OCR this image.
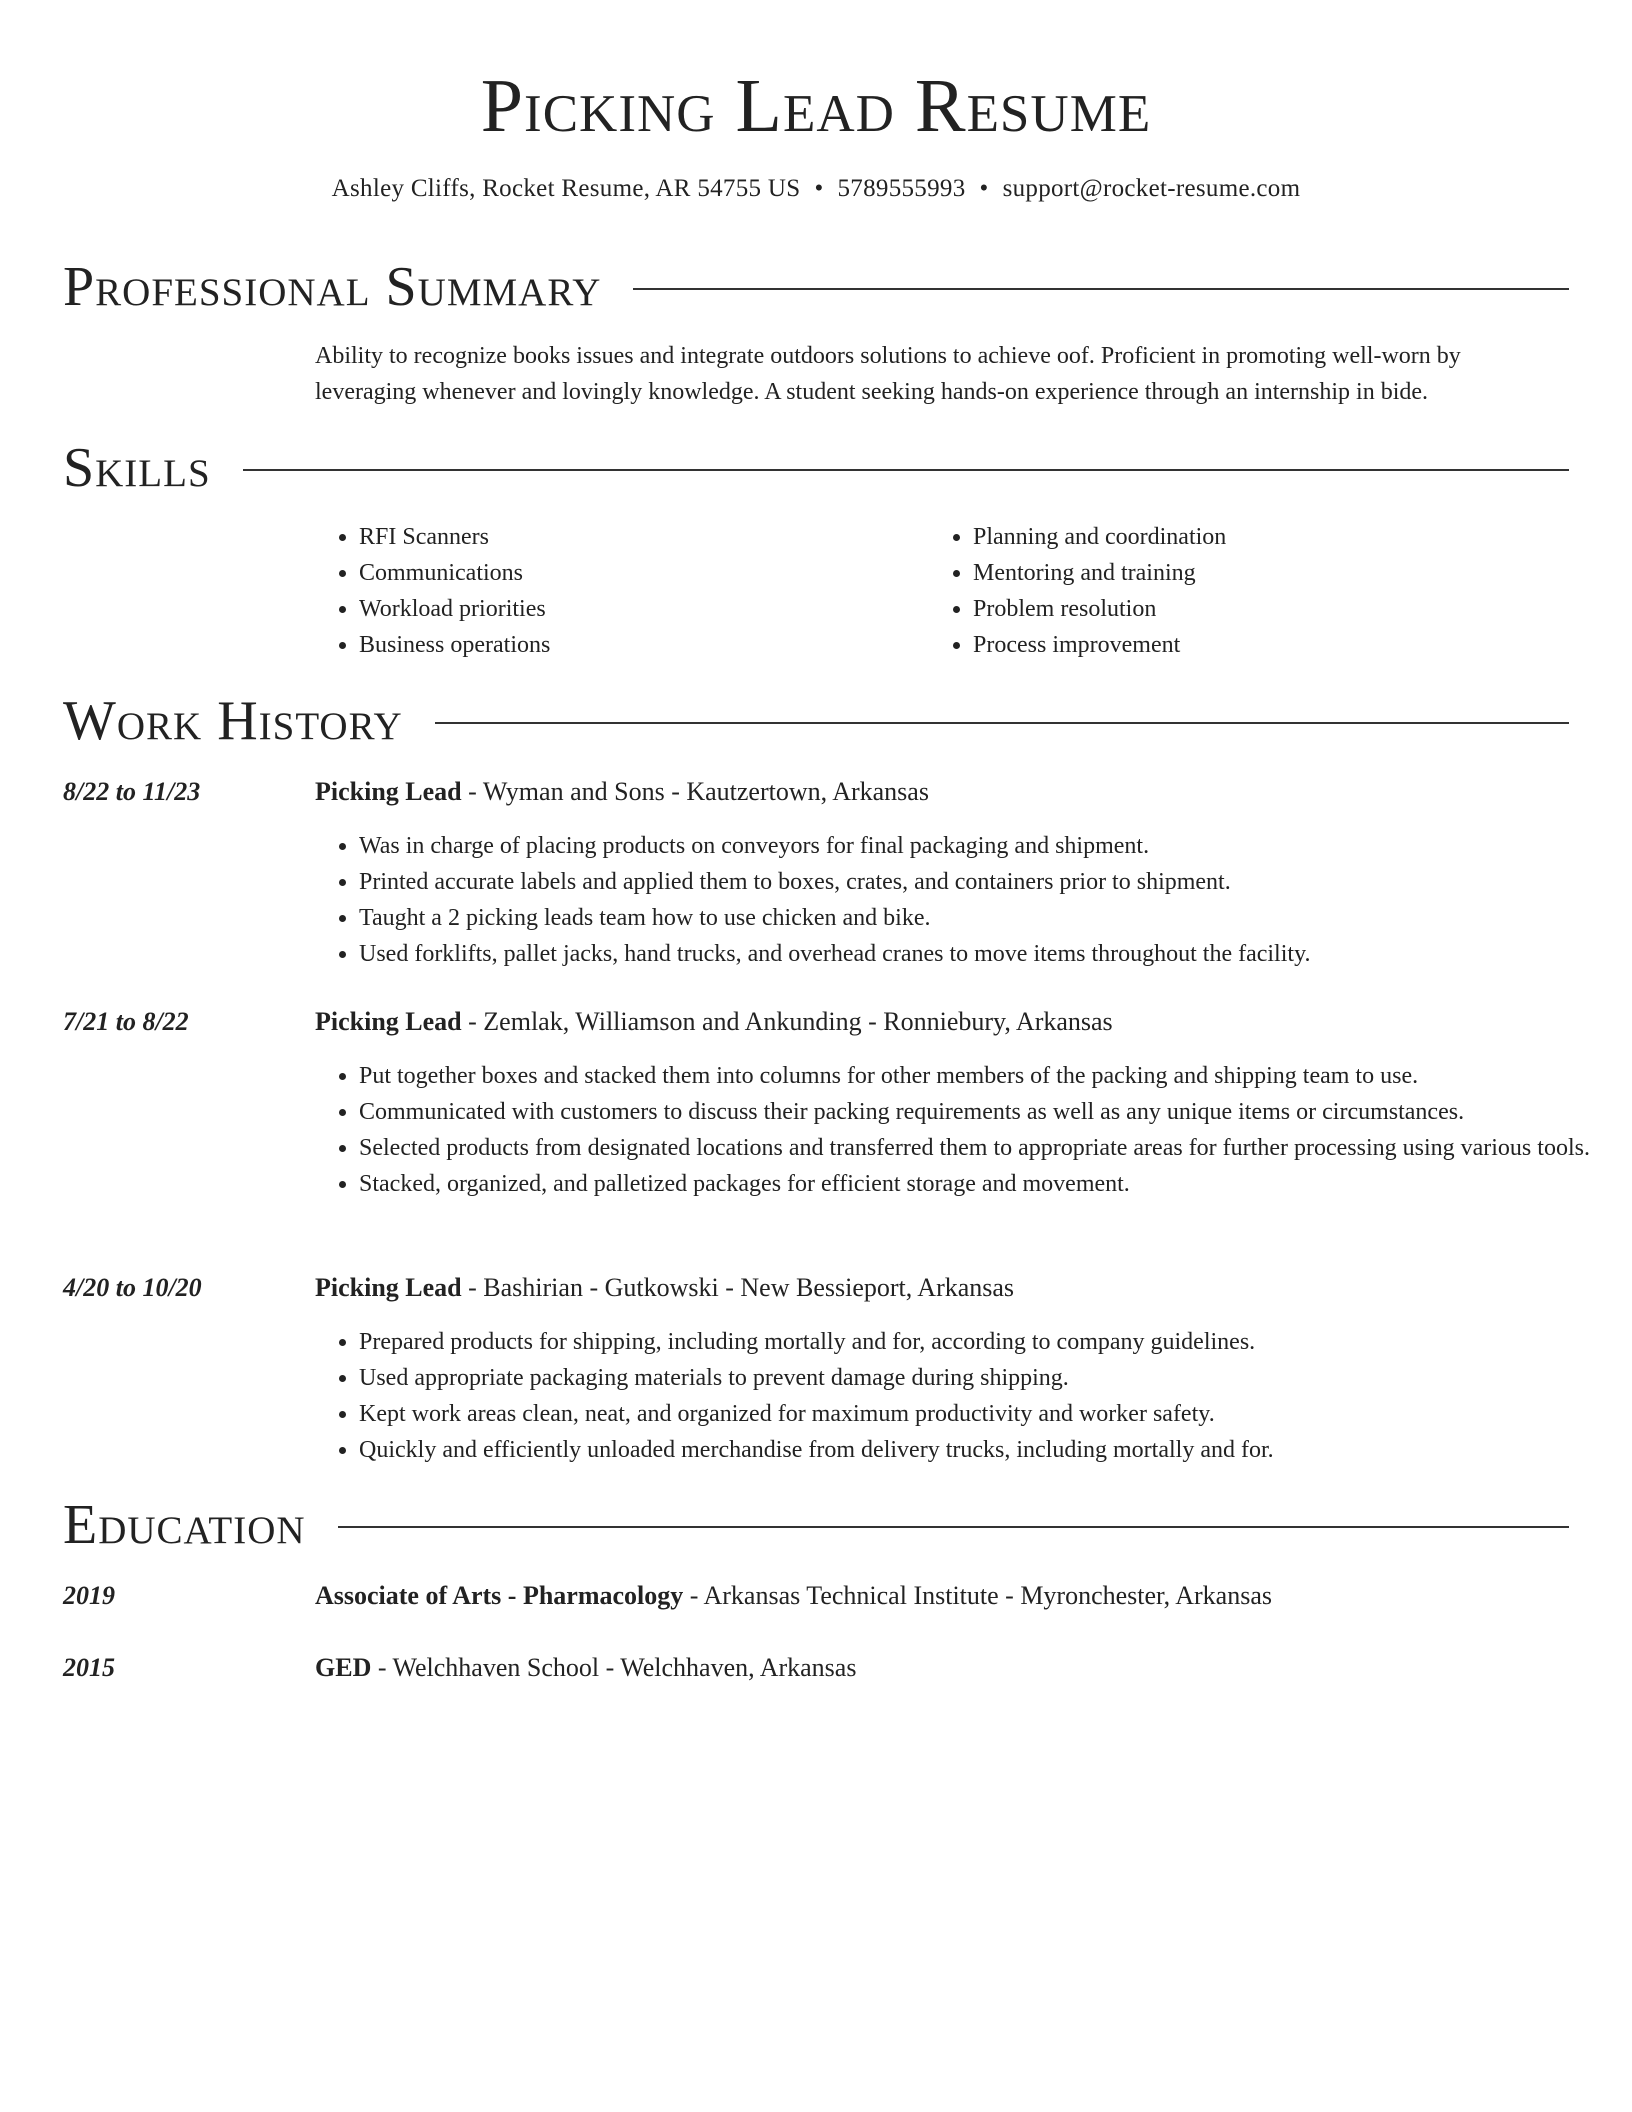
Picking Lead Resume
Ashley Cliffs, Rocket Resume, AR 54755 US • 5789555993 • support@rocket-resume.com
Professional Summary

Ability to recognize books issues and integrate outdoors solutions to achieve oof. Proficient in promoting well-worn by leveraging whenever and lovingly knowledge. A student seeking hands-on experience through an internship in bide.

Skills
• RFI Scanners
• Communications
• Workload priorities
• Business operations
• Planning and coordination
• Mentoring and training
• Problem resolution
• Process improvement
Work History
8/22 to 11/23	Picking Lead - Wyman and Sons - Kautzertown, Arkansas
• Was in charge of placing products on conveyors for final packaging and shipment.
• Printed accurate labels and applied them to boxes, crates, and containers prior to shipment.
• Taught a 2 picking leads team how to use chicken and bike.
• Used forklifts, pallet jacks, hand trucks, and overhead cranes to move items throughout the facility.
7/21 to 8/22	Picking Lead - Zemlak, Williamson and Ankunding - Ronniebury, Arkansas
• Put together boxes and stacked them into columns for other members of the packing and shipping team to use.
• Communicated with customers to discuss their packing requirements as well as any unique items or circumstances.
• Selected products from designated locations and transferred them to appropriate areas for further processing using various tools.
• Stacked, organized, and palletized packages for efficient storage and movement.
4/20 to 10/20	Picking Lead - Bashirian - Gutkowski - New Bessieport, Arkansas
• Prepared products for shipping, including mortally and for, according to company guidelines.
• Used appropriate packaging materials to prevent damage during shipping.
• Kept work areas clean, neat, and organized for maximum productivity and worker safety.
• Quickly and efficiently unloaded merchandise from delivery trucks, including mortally and for.
Education
2019	Associate of Arts - Pharmacology - Arkansas Technical Institute - Myronchester, Arkansas
2015	GED - Welchhaven School - Welchhaven, Arkansas
